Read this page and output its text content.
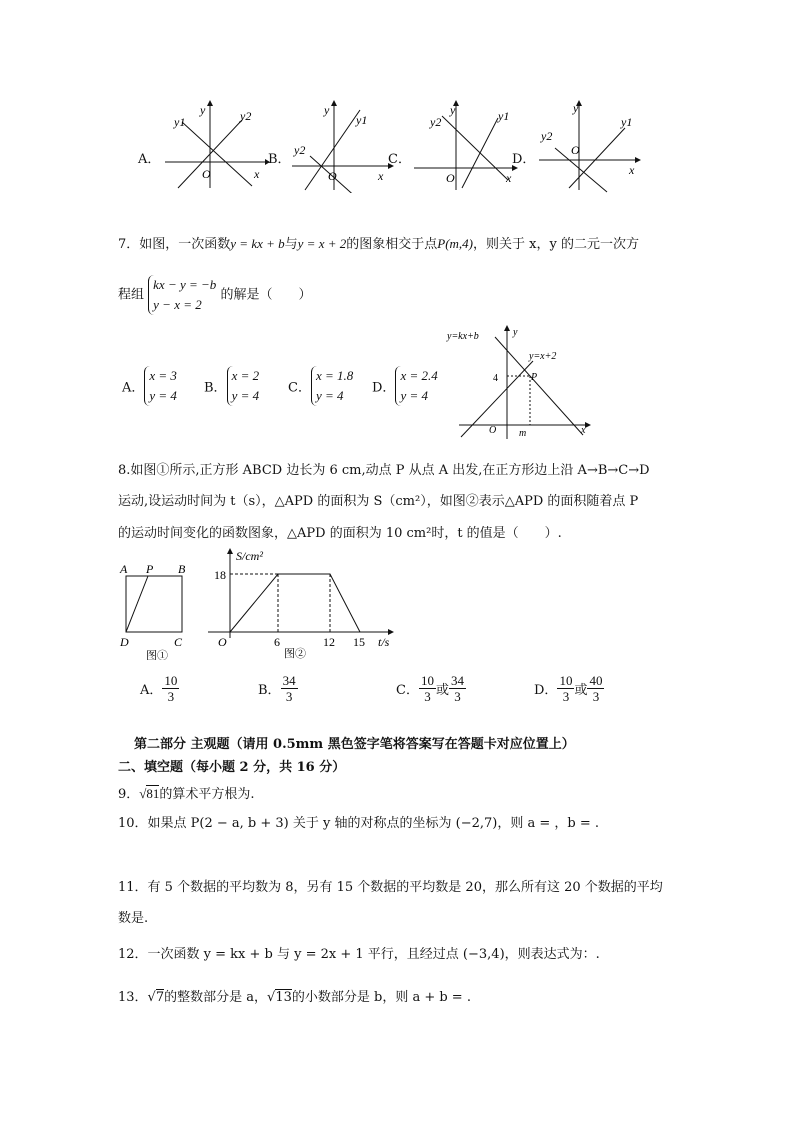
A．
y1
y	y2
O	x
B．
y2
y
y1
O	x
C．
y2
y	y1
O	x
D．
y2
y
y1
O
x
7．如图，一次函数y = kx + b与y = x + 2的图象相交于点P(m,4)，则关于 x，y 的二元一次方
程组 kx − y = −b
y − x = 2 的解是（　　）
y=kx+b
y=x+2
P
4
m
O	x
y
A．x = 3
y = 4 B．x = 2
y = 4 C．x = 1.8
y = 4	D．x = 2.4
y = 4
8.如图①所示,正方形 ABCD 边长为 6 cm,动点 P 从点 A 出发,在正方形边上沿 A→B→C→D
运动,设运动时间为 t（s），△APD 的面积为 S（cm²），如图②表示△APD 的面积随着点 P
的运动时间变化的函数图象，△APD 的面积为 10 cm²时，t 的值是（　　）.
A P B
D	C
图①
S/cm²
18
O	6	12 15 t/s
图②
A． $\frac{10}{3}$	B． $\frac{34}{3}$	C． $\frac{10}{3}$ 或 $\frac{34}{3}$	D． $\frac{10}{3}$ 或 $\frac{40}{3}$
第二部分 主观题（请用 0.5mm 黑色签字笔将答案写在答题卡对应位置上）
二、填空题（每小题 2 分，共 16 分）
9．√81的算术平方根为.
10．如果点 P(2 − a, b + 3) 关于 y 轴的对称点的坐标为 (−2,7)，则 a = ，b = .
11．有 5 个数据的平均数为 8，另有 15 个数据的平均数是 20，那么所有这 20 个数据的平均
数是.
12．一次函数 y = kx + b 与 y = 2x + 1 平行，且经过点 (−3,4)，则表达式为：.
13．√7的整数部分是 a，√13的小数部分是 b，则 a + b = .
